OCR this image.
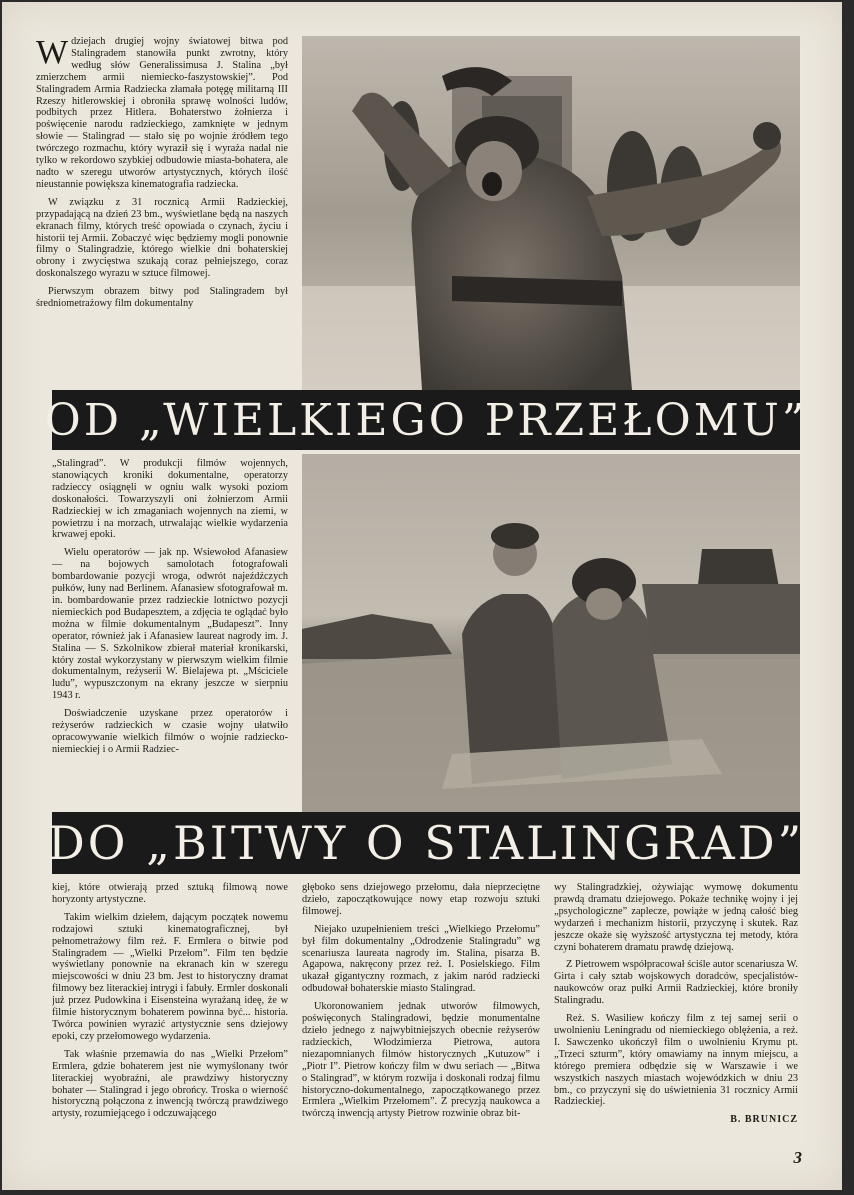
Wdziejach drugiej wojny światowej bitwa pod Stalingradem stanowiła punkt zwrotny, który według słów Generalissimusa J. Stalina „był zmierzchem armii niemiecko-faszystowskiej”. Pod Stalingradem Armia Radziecka złamała potęgę militarną III Rzeszy hitlerowskiej i obroniła sprawę wolności ludów, podbitych przez Hitlera. Bohaterstwo żołnierza i poświęcenie narodu radzieckiego, zamknięte w jednym słowie — Stalingrad — stało się po wojnie źródłem tego twórczego rozmachu, który wyraził się i wyraża nadal nie tylko w rekordowo szybkiej odbudowie miasta-bohatera, ale nadto w szeregu utworów artystycznych, których ilość nieustannie powiększa kinematografia radziecka.

W związku z 31 rocznicą Armii Radzieckiej, przypadającą na dzień 23 bm., wyświetlane będą na naszych ekranach filmy, których treść opowiada o czynach, życiu i historii tej Armii. Zobaczyć więc będziemy mogli ponownie filmy o Stalingradzie, którego wielkie dni bohaterskiej obrony i zwycięstwa szukają coraz pełniejszego, coraz doskonalszego wyrazu w sztuce filmowej.

Pierwszym obrazem bitwy pod Stalingradem był średniometrażowy film dokumentalny

OD „WIELKIEGO PRZEŁOMU”

„Stalingrad”. W produkcji filmów wojennych, stanowiących kroniki dokumentalne, operatorzy radzieccy osiągnęli w ogniu walk wysoki poziom doskonałości. Towarzyszyli oni żołnierzom Armii Radzieckiej w ich zmaganiach wojennych na ziemi, w powietrzu i na morzach, utrwalając wielkie wydarzenia krwawej epoki.

Wielu operatorów — jak np. Wsiewołod Afanasiew — na bojowych samolotach fotografowali bombardowanie pozycji wroga, odwrót najeźdźczych pułków, łuny nad Berlinem. Afanasiew sfotografował m. in. bombardowanie przez radzieckie lotnictwo pozycji niemieckich pod Budapesztem, a zdjęcia te oglądać było można w filmie dokumentalnym „Budapeszt”. Inny operator, również jak i Afanasiew laureat nagrody im. J. Stalina — S. Szkolnikow zbierał materiał kronikarski, który został wykorzystany w pierwszym wielkim filmie dokumentalnym, reżyserii W. Bielajewa pt. „Mściciele ludu”, wypuszczonym na ekrany jeszcze w sierpniu 1943 r.

Doświadczenie uzyskane przez operatorów i reżyserów radzieckich w czasie wojny ułatwiło opracowywanie wielkich filmów o wojnie radziecko-niemieckiej i o Armii Radziec-

DO „BITWY O STALINGRAD”

kiej, które otwierają przed sztuką filmową nowe horyzonty artystyczne.

Takim wielkim dziełem, dającym początek nowemu rodzajowi sztuki kinematograficznej, był pełnometrażowy film reż. F. Ermlera o bitwie pod Stalingradem — „Wielki Przełom”. Film ten będzie wyświetlany ponownie na ekranach kin w szeregu miejscowości w dniu 23 bm. Jest to historyczny dramat filmowy bez literackiej intrygi i fabuły. Ermler doskonali już przez Pudowkina i Eisensteina wyrażaną ideę, że w filmie historycznym bohaterem powinna być... historia. Twórca powinien wyrazić artystycznie sens dziejowy epoki, czy przełomowego wydarzenia.

Tak właśnie przemawia do nas „Wielki Przełom” Ermlera, gdzie bohaterem jest nie wymyślonany twór literackiej wyobraźni, ale prawdziwy historyczny bohater — Stalingrad i jego obrońcy. Troska o wierność historyczną połączona z inwencją twórczą prawdziwego artysty, rozumiejącego i odczuwającego

głęboko sens dziejowego przełomu, dała nieprzeciętne dzieło, zapoczątkowujące nowy etap rozwoju sztuki filmowej.

Niejako uzupełnieniem treści „Wielkiego Przełomu” był film dokumentalny „Odrodzenie Stalingradu” wg scenariusza laureata nagrody im. Stalina, pisarza B. Agapowa, nakręcony przez reż. I. Posielskiego. Film ukazał gigantyczny rozmach, z jakim naród radziecki odbudował bohaterskie miasto Stalingrad.

Ukoronowaniem jednak utworów filmowych, poświęconych Stalingradowi, będzie monumentalne dzieło jednego z najwybitniejszych obecnie reżyserów radzieckich, Włodzimierza Pietrowa, autora niezapomnianych filmów historycznych „Kutuzow” i „Piotr I”. Pietrow kończy film w dwu seriach — „Bitwa o Stalingrad”, w którym rozwija i doskonali rodzaj filmu historyczno-dokumentalnego, zapoczątkowanego przez Ermlera „Wielkim Przełomem”. Z precyzją naukowca a twórczą inwencją artysty Pietrow rozwinie obraz bit-

wy Stalingradzkiej, ożywiając wymowę dokumentu prawdą dramatu dziejowego. Pokaże technikę wojny i jej „psychologiczne” zaplecze, powiąże w jedną całość bieg wydarzeń i mechanizm historii, przyczynę i skutek. Raz jeszcze okaże się wyższość artystyczna tej metody, która czyni bohaterem dramatu prawdę dziejową.

Z Pietrowem współpracował ściśle autor scenariusza W. Girta i cały sztab wojskowych doradców, specjalistów-naukowców oraz pułki Armii Radzieckiej, które broniły Stalingradu.

Reż. S. Wasiliew kończy film z tej samej serii o uwolnieniu Leningradu od niemieckiego oblężenia, a reż. I. Sawczenko ukończył film o uwolnieniu Krymu pt. „Trzeci szturm”, który omawiamy na innym miejscu, a którego premiera odbędzie się w Warszawie i we wszystkich naszych miastach wojewódzkich w dniu 23 bm., co przyczyni się do uświetnienia 31 rocznicy Armii Radzieckiej.

B. BRUNICZ
3
